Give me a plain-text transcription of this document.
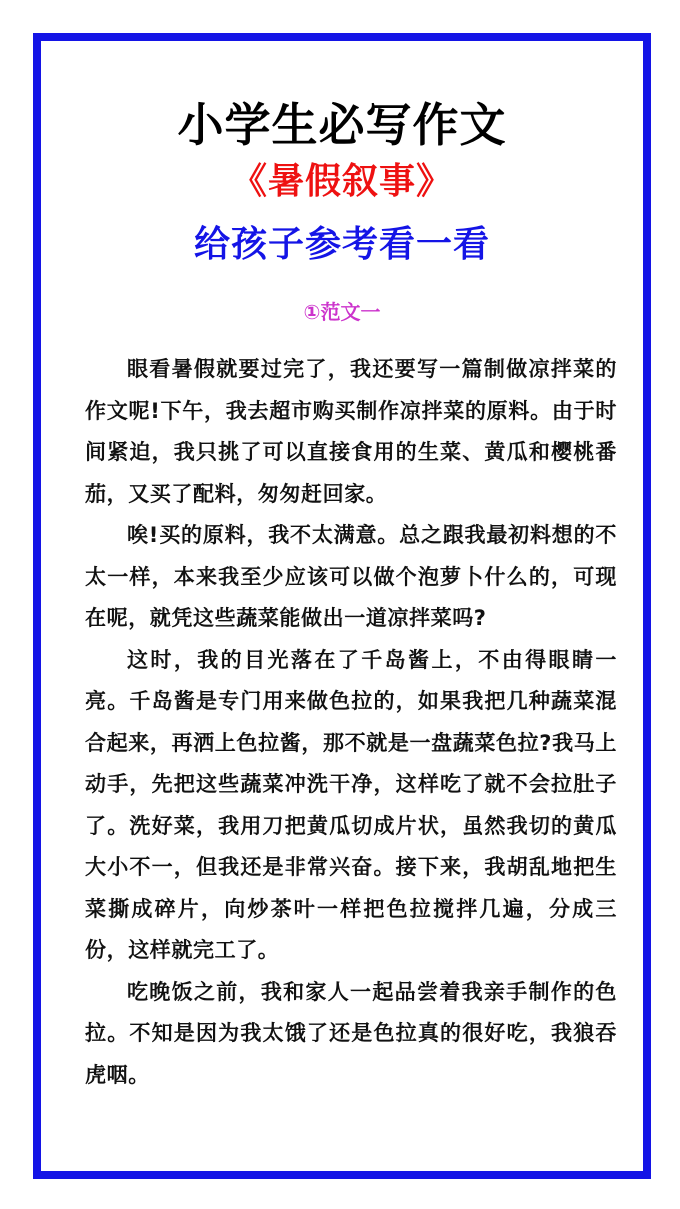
小学生必写作文
《暑假叙事》
给孩子参考看一看
①范文一

眼看暑假就要过完了，我还要写一篇制做凉拌菜的作文呢!下午，我去超市购买制作凉拌菜的原料。由于时间紧迫，我只挑了可以直接食用的生菜、黄瓜和樱桃番茄，又买了配料，匆匆赶回家。

唉!买的原料，我不太满意。总之跟我最初料想的不太一样，本来我至少应该可以做个泡萝卜什么的，可现在呢，就凭这些蔬菜能做出一道凉拌菜吗?

这时，我的目光落在了千岛酱上，不由得眼睛一亮。千岛酱是专门用来做色拉的，如果我把几种蔬菜混合起来，再洒上色拉酱，那不就是一盘蔬菜色拉?我马上动手，先把这些蔬菜冲洗干净，这样吃了就不会拉肚子了。洗好菜，我用刀把黄瓜切成片状，虽然我切的黄瓜大小不一，但我还是非常兴奋。接下来，我胡乱地把生菜撕成碎片，向炒茶叶一样把色拉搅拌几遍，分成三份，这样就完工了。

吃晚饭之前，我和家人一起品尝着我亲手制作的色拉。不知是因为我太饿了还是色拉真的很好吃，我狼吞虎咽。
